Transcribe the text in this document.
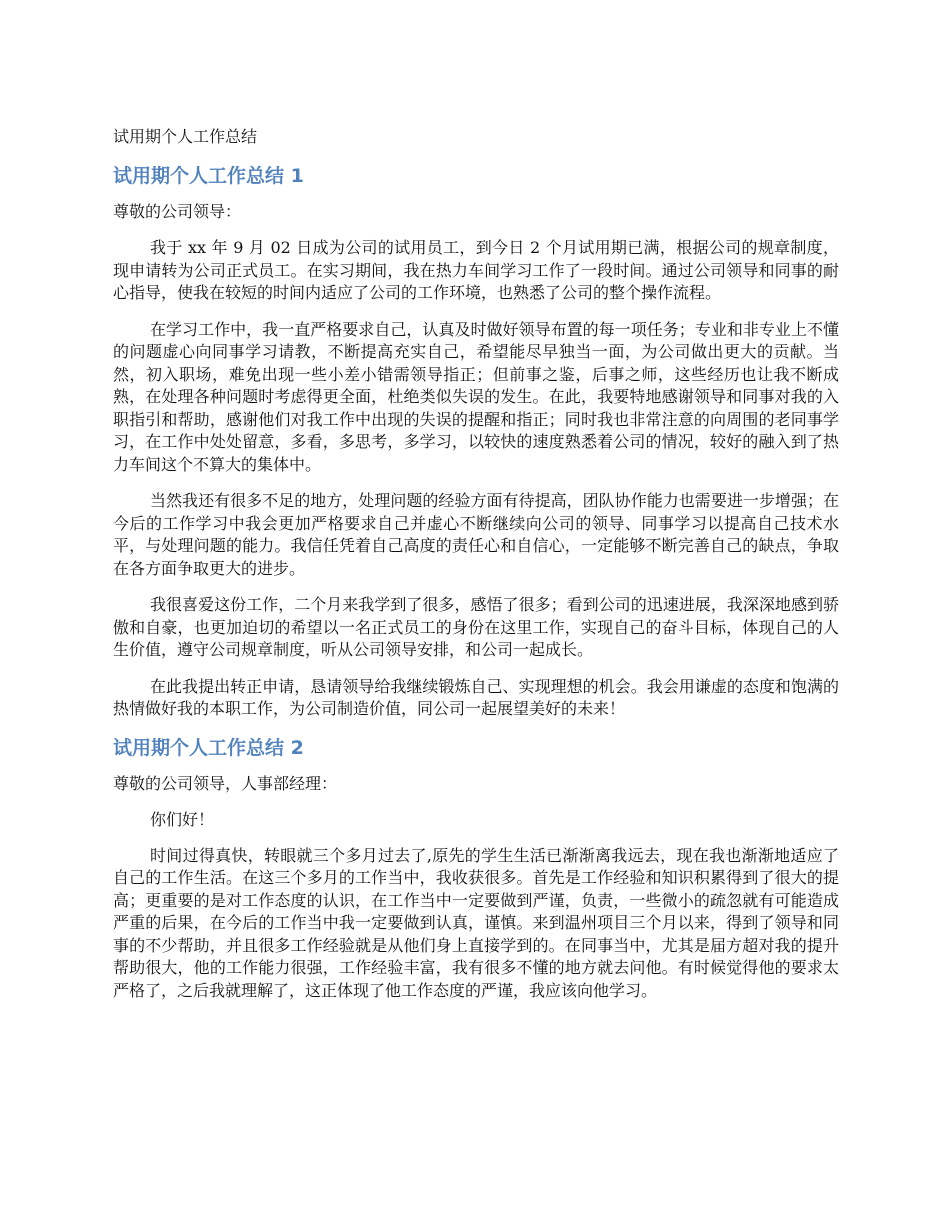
试用期个人工作总结
试用期个人工作总结 1
尊敬的公司领导：

我于 xx 年 9 月 02 日成为公司的试用员工，到今日 2 个月试用期已满，根据公司的规章制度，现申请转为公司正式员工。在实习期间，我在热力车间学习工作了一段时间。通过公司领导和同事的耐心指导，使我在较短的时间内适应了公司的工作环境，也熟悉了公司的整个操作流程。

在学习工作中，我一直严格要求自己，认真及时做好领导布置的每一项任务；专业和非专业上不懂的问题虚心向同事学习请教，不断提高充实自己，希望能尽早独当一面，为公司做出更大的贡献。当然，初入职场，难免出现一些小差小错需领导指正；但前事之鉴，后事之师，这些经历也让我不断成熟，在处理各种问题时考虑得更全面，杜绝类似失误的发生。在此，我要特地感谢领导和同事对我的入职指引和帮助，感谢他们对我工作中出现的失误的提醒和指正；同时我也非常注意的向周围的老同事学习，在工作中处处留意，多看，多思考，多学习，以较快的速度熟悉着公司的情况，较好的融入到了热力车间这个不算大的集体中。

当然我还有很多不足的地方，处理问题的经验方面有待提高，团队协作能力也需要进一步增强；在今后的工作学习中我会更加严格要求自己并虚心不断继续向公司的领导、同事学习以提高自己技术水平，与处理问题的能力。我信任凭着自己高度的责任心和自信心，一定能够不断完善自己的缺点，争取在各方面争取更大的进步。

我很喜爱这份工作，二个月来我学到了很多，感悟了很多；看到公司的迅速进展，我深深地感到骄傲和自豪，也更加迫切的希望以一名正式员工的身份在这里工作，实现自己的奋斗目标，体现自己的人生价值，遵守公司规章制度，听从公司领导安排，和公司一起成长。

在此我提出转正申请，恳请领导给我继续锻炼自己、实现理想的机会。我会用谦虚的态度和饱满的热情做好我的本职工作，为公司制造价值，同公司一起展望美好的未来！

试用期个人工作总结 2
尊敬的公司领导，人事部经理：
你们好！

时间过得真快，转眼就三个多月过去了,原先的学生生活已渐渐离我远去，现在我也渐渐地适应了自己的工作生活。在这三个多月的工作当中，我收获很多。首先是工作经验和知识积累得到了很大的提高；更重要的是对工作态度的认识，在工作当中一定要做到严谨，负责，一些微小的疏忽就有可能造成严重的后果，在今后的工作当中我一定要做到认真，谨慎。来到温州项目三个月以来，得到了领导和同事的不少帮助，并且很多工作经验就是从他们身上直接学到的。在同事当中，尤其是届方超对我的提升帮助很大，他的工作能力很强，工作经验丰富，我有很多不懂的地方就去问他。有时候觉得他的要求太严格了，之后我就理解了，这正体现了他工作态度的严谨，我应该向他学习。
